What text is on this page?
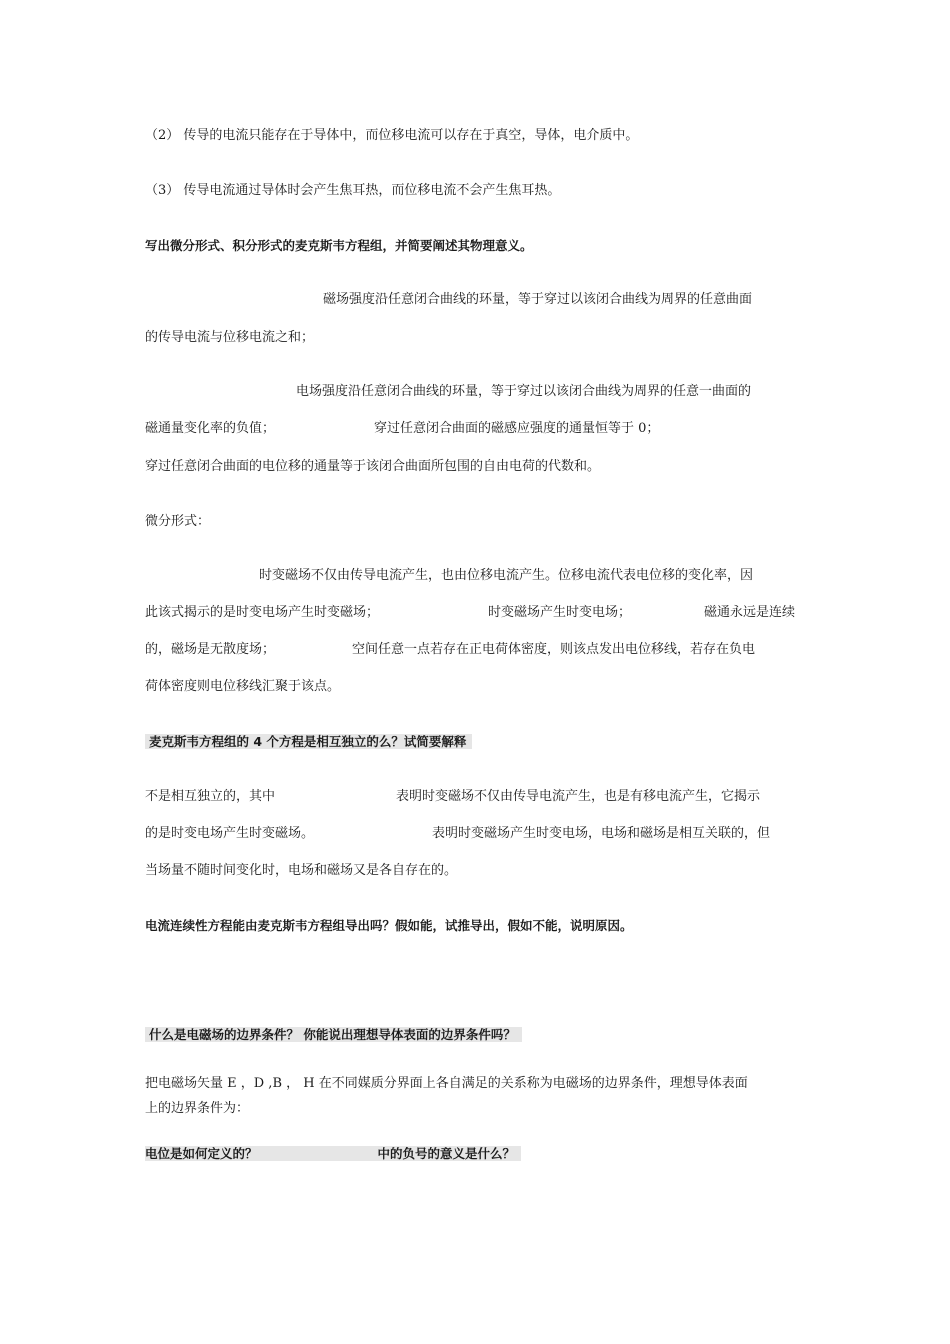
（2） 传导的电流只能存在于导体中，而位移电流可以存在于真空，导体，电介质中。

（3） 传导电流通过导体时会产生焦耳热，而位移电流不会产生焦耳热。

写出微分形式、积分形式的麦克斯韦方程组，并简要阐述其物理意义。

磁场强度沿任意闭合曲线的环量，等于穿过以该闭合曲线为周界的任意曲面

的传导电流与位移电流之和；

电场强度沿任意闭合曲线的环量，等于穿过以该闭合曲线为周界的任意一曲面的

磁通量变化率的负值；	穿过任意闭合曲面的磁感应强度的通量恒等于 0；

穿过任意闭合曲面的电位移的通量等于该闭合曲面所包围的自由电荷的代数和。

微分形式：

时变磁场不仅由传导电流产生，也由位移电流产生。位移电流代表电位移的变化率，因

此该式揭示的是时变电场产生时变磁场；	时变磁场产生时变电场；	磁通永远是连续

的，磁场是无散度场；	空间任意一点若存在正电荷体密度，则该点发出电位移线，若存在负电

荷体密度则电位移线汇聚于该点。

麦克斯韦方程组的 4 个方程是相互独立的么？试简要解释

不是相互独立的，其中	表明时变磁场不仅由传导电流产生，也是有移电流产生，它揭示

的是时变电场产生时变磁场。	表明时变磁场产生时变电场，电场和磁场是相互关联的，但

当场量不随时间变化时，电场和磁场又是各自存在的。

电流连续性方程能由麦克斯韦方程组导出吗？假如能，试推导出，假如不能，说明原因。

什么是电磁场的边界条件？ 你能说出理想导体表面的边界条件吗？

把电磁场矢量 E ，D ,B ， H 在不同媒质分界面上各自满足的关系称为电磁场的边界条件，理想导体表面

上的边界条件为：

电位是如何定义的？	中的负号的意义是什么？
